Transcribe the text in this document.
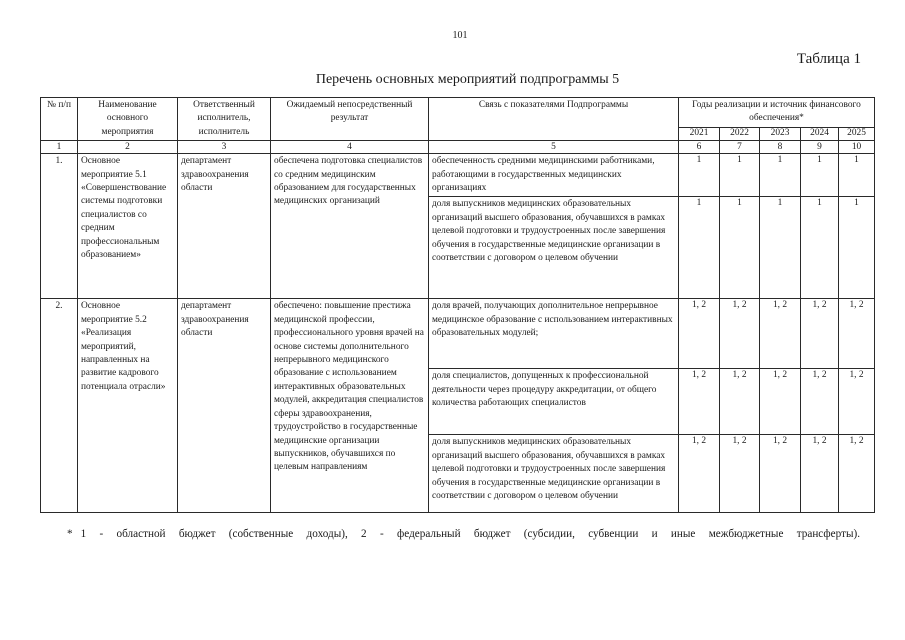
101
Таблица 1
Перечень основных мероприятий подпрограммы 5
№ п/п	Наименование основного мероприятия	Ответственный исполнитель, исполнитель	Ожидаемый непосредственный результат	Связь с показателями Подпрограммы	Годы реализации и источник финансового обеспечения*				
					2021	2022	2023	2024	2025
1	2	3	4	5	6	7	8	9	10
1.	Основное мероприятие 5.1 «Совершенствование системы подготовки специалистов со средним профессиональным образованием»	департамент здравоохранения области	обеспечена подготовка специалистов со средним медицинским образованием для государственных медицинских организаций	обеспеченность средними медицинскими работниками, работающими в государственных медицинских организациях	1	1	1	1	1
				доля выпускников медицинских образовательных организаций высшего образования, обучавшихся в рамках целевой подготовки и трудоустроенных после завершения обучения в государственные медицинские организации в соответствии с договором о целевом обучении	1	1	1	1	1
2.	Основное мероприятие 5.2 «Реализация мероприятий, направленных на развитие кадрового потенциала отрасли»	департамент здравоохранения области	обеспечено: повышение престижа медицинской профессии, профессионального уровня врачей на основе системы дополнительного непрерывного медицинского образование с использованием интерактивных образовательных модулей, аккредитация специалистов сферы здравоохранения, трудоустройство в государственные медицинские организации выпускников, обучавшихся по целевым направлениям	доля врачей, получающих дополнительное непрерывное медицинское образование с использованием интерактивных образовательных модулей;	1, 2	1, 2	1, 2	1, 2	1, 2
				доля специалистов, допущенных к профессиональной деятельности через процедуру аккредитации, от общего количества работающих специалистов	1, 2	1, 2	1, 2	1, 2	1, 2
				доля выпускников медицинских образовательных организаций высшего образования, обучавшихся в рамках целевой подготовки и трудоустроенных после завершения обучения в государственные медицинские организации в соответствии с договором о целевом обучении	1, 2	1, 2	1, 2	1, 2	1, 2
* 1 - областной бюджет (собственные доходы), 2 - федеральный бюджет (субсидии, субвенции и иные межбюджетные трансферты).
